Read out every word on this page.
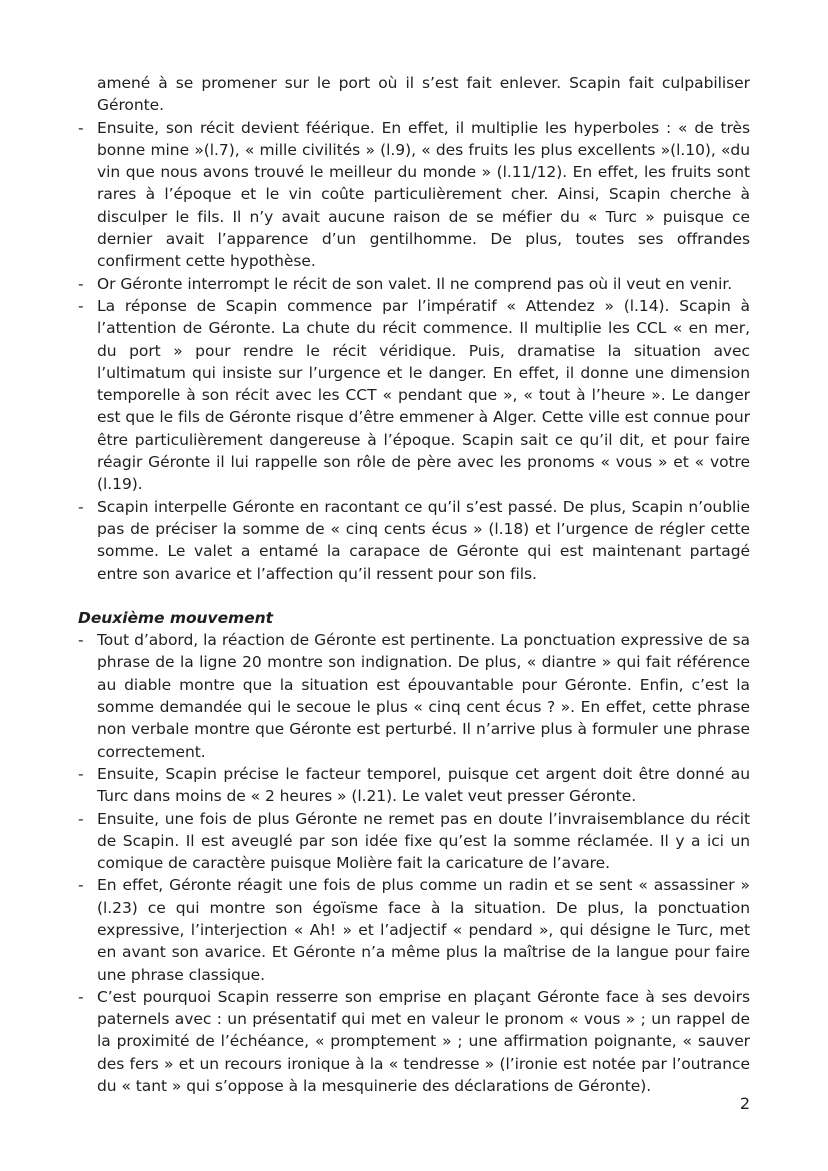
amené à se promener sur le port où il s’est fait enlever. Scapin fait culpabiliser Géronte.

- Ensuite, son récit devient féérique. En effet, il multiplie les hyperboles : « de très bonne mine »(l.7), « mille civilités » (l.9), « des fruits les plus excellents »(l.10), «du vin que nous avons trouvé le meilleur du monde » (l.11/12). En effet, les fruits sont rares à l’époque et le vin coûte particulièrement cher. Ainsi, Scapin cherche à disculper le fils. Il n’y avait aucune raison de se méfier du « Turc » puisque ce dernier avait l’apparence d’un gentilhomme. De plus, toutes ses offrandes confirment cette hypothèse.
- Or Géronte interrompt le récit de son valet. Il ne comprend pas où il veut en venir.
- La réponse de Scapin commence par l’impératif « Attendez » (l.14). Scapin à l’attention de Géronte. La chute du récit commence. Il multiplie les CCL « en mer, du port » pour rendre le récit véridique. Puis, dramatise la situation avec l’ultimatum qui insiste sur l’urgence et le danger. En effet, il donne une dimension temporelle à son récit avec les CCT « pendant que », « tout à l’heure ». Le danger est que le fils de Géronte risque d’être emmener à Alger. Cette ville est connue pour être particulièrement dangereuse à l’époque. Scapin sait ce qu’il dit, et pour faire réagir Géronte il lui rappelle son rôle de père avec les pronoms « vous » et « votre (l.19).
- Scapin interpelle Géronte en racontant ce qu’il s’est passé. De plus, Scapin n’oublie pas de préciser la somme de « cinq cents écus » (l.18) et l’urgence de régler cette somme. Le valet a entamé la carapace de Géronte qui est maintenant partagé entre son avarice et l’affection qu’il ressent pour son fils.

Deuxième mouvement

- Tout d’abord, la réaction de Géronte est pertinente. La ponctuation expressive de sa phrase de la ligne 20 montre son indignation. De plus, « diantre » qui fait référence au diable montre que la situation est épouvantable pour Géronte. Enfin, c’est la somme demandée qui le secoue le plus « cinq cent écus ? ». En effet, cette phrase non verbale montre que Géronte est perturbé. Il n’arrive plus à formuler une phrase correctement.
- Ensuite, Scapin précise le facteur temporel, puisque cet argent doit être donné au Turc dans moins de « 2 heures » (l.21). Le valet veut presser Géronte.
- Ensuite, une fois de plus Géronte ne remet pas en doute l’invraisemblance du récit de Scapin. Il est aveuglé par son idée fixe qu’est la somme réclamée. Il y a ici un comique de caractère puisque Molière fait la caricature de l’avare.
- En effet, Géronte réagit une fois de plus comme un radin et se sent « assassiner » (l.23) ce qui montre son égoïsme face à la situation. De plus, la ponctuation expressive, l’interjection « Ah! » et l’adjectif « pendard », qui désigne le Turc, met en avant son avarice. Et Géronte n’a même plus la maîtrise de la langue pour faire une phrase classique.
- C’est pourquoi Scapin resserre son emprise en plaçant Géronte face à ses devoirs paternels avec : un présentatif qui met en valeur le pronom « vous » ; un rappel de la proximité de l’échéance, « promptement » ; une affirmation poignante, « sauver des fers » et un recours ironique à la « tendresse » (l’ironie est notée par l’outrance du « tant » qui s’oppose à la mesquinerie des déclarations de Géronte).
2
